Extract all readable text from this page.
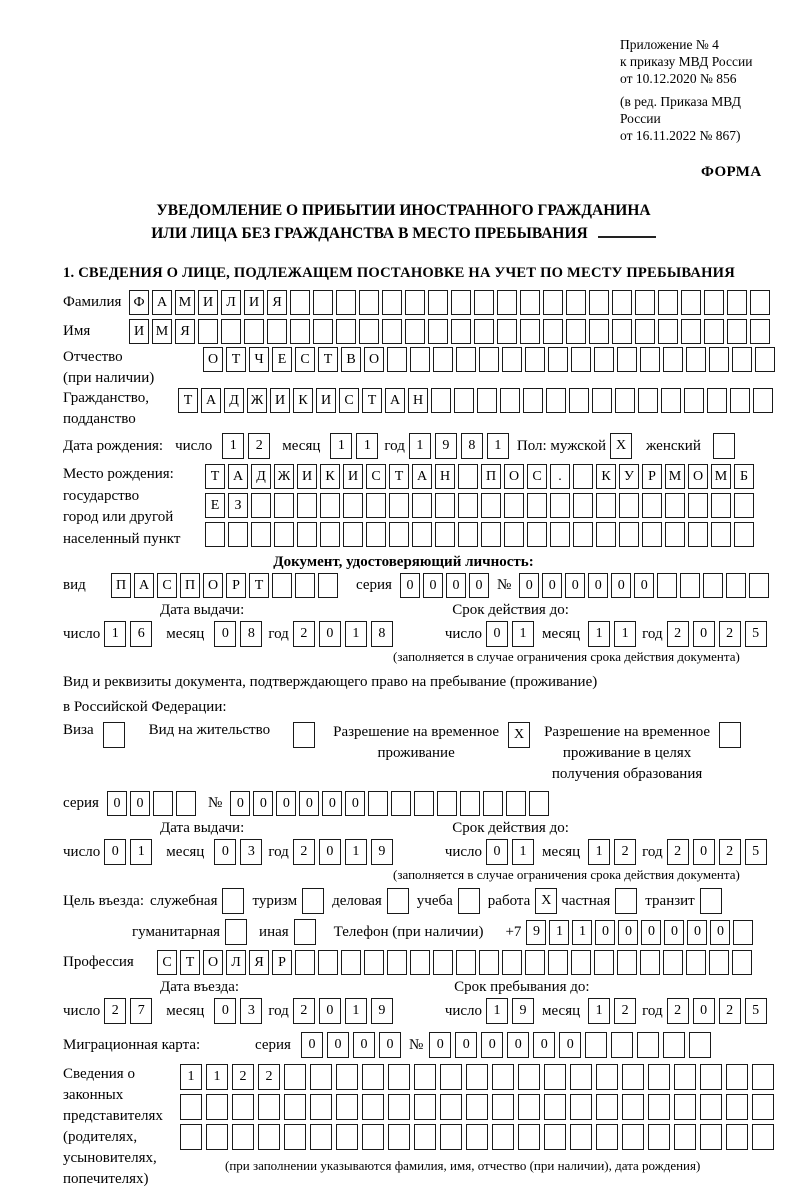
Приложение № 4
к приказу МВД России
от 10.12.2020 № 856
(в ред. Приказа МВД России
от 16.11.2022 № 867)
ФОРМА
УВЕДОМЛЕНИЕ О ПРИБЫТИИ ИНОСТРАННОГО ГРАЖДАНИНА
ИЛИ ЛИЦА БЕЗ ГРАЖДАНСТВА В МЕСТО ПРЕБЫВАНИЯ
1. СВЕДЕНИЯ О ЛИЦЕ, ПОДЛЕЖАЩЕМ ПОСТАНОВКЕ НА УЧЕТ ПО МЕСТУ ПРЕБЫВАНИЯ
Фамилия Ф А М И Л И Я
Имя	И М Я
Отчество
(при наличии)
О Т	Ч	Е	С	Т	В О
Гражданство,
подданство
Т А Д Ж И К И С	Т А Н
Дата рождения: число	1	2	месяц	1	1 год 1	9	8	1	Пол: мужской X	женский
Место рождения:
государство
город или другой
населенный пункт
Т А Д Ж И К И С	Т А Н	П О С	.	К У	Р М О М Б
Е	З
Документ, удостоверяющий личность:
вид	П А С П О	Р	Т	серия	0	0	0	0 №	0	0	0	0	0	0
Дата выдачи:	Срок действия до:
число 1	6	месяц	0	8 год 2	0	1	8	число 0	1	месяц	1	1 год 2	0	2	5
(заполняется в случае ограничения срока действия документа)
Вид и реквизиты документа, подтверждающего право на пребывание (проживание)
в Российской Федерации:
Виза	Вид на жительство	Разрешение на временное
проживание
X	Разрешение на временное
проживание в целях
получения образования
серия	0	0	№	0	0	0	0	0	0
Дата выдачи:	Срок действия до:
число 0	1	месяц	0	3 год 2	0	1	9	число 0	1	месяц	1	2 год 2	0	2	5
(заполняется в случае ограничения срока действия документа)
Цель въезда: служебная туризм деловая учеба работа X частная транзит
гуманитарная	иная	Телефон (при наличии) +7 9	1	1	0	0	0	0	0	0
Профессия	С	Т О Л Я	Р
Дата въезда:	Срок пребывания до:
число 2	7	месяц	0	3 год 2	0	1	9	число 1	9	месяц	1	2 год 2	0	2	5
Миграционная карта:	серия	0	0	0	0	№ 0	0	0	0	0	0
Сведения о
законных
представителях
(родителях,
усыновителях,
попечителях)
1	1	2	2
(при заполнении указываются фамилия, имя, отчество (при наличии), дата рождения)
